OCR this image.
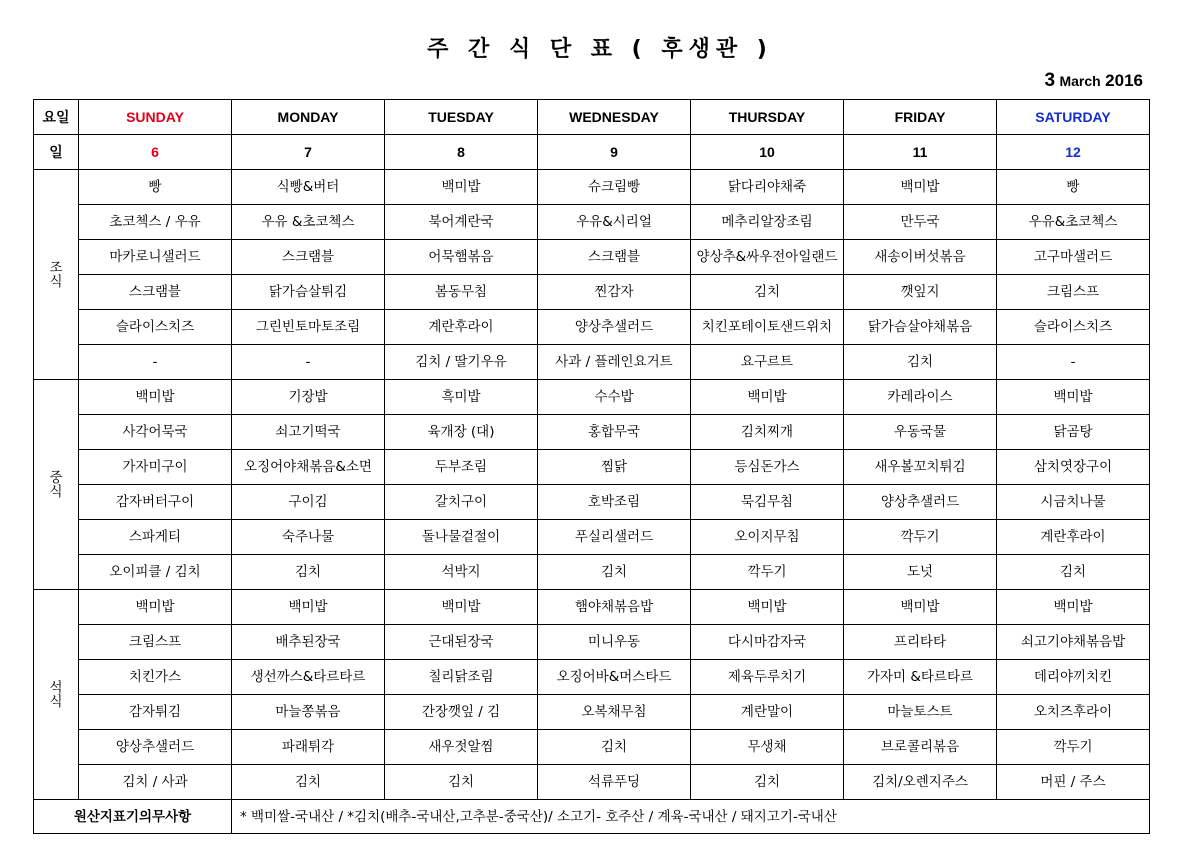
주 간 식 단 표 ( 후생관 )
3 March 2016
요일	SUNDAY	MONDAY	TUESDAY	WEDNESDAY	THURSDAY	FRIDAY	SATURDAY
일	6	7	8	9	10	11	12

조
식	빵	식빵&버터	백미밥	슈크림빵	닭다리야채죽	백미밥	빵
	초코첵스 / 우유	우유 &초코첵스	북어계란국	우유&시리얼	메추리알장조림	만두국	우유&초코첵스
	마카로니샐러드	스크램블	어묵햄볶음	스크램블	양상추&싸우전아일랜드	새송이버섯볶음	고구마샐러드
	스크램블	닭가슴살튀김	봄동무침	찐감자	김치	깻잎지	크림스프
	슬라이스치즈	그린빈토마토조림	계란후라이	양상추샐러드	치킨포테이토샌드위치	닭가슴살야채볶음	슬라이스치즈
	-	-	김치 / 딸기우유	사과 / 플레인요거트	요구르트	김치	-

중
식	백미밥	기장밥	흑미밥	수수밥	백미밥	카레라이스	백미밥
	사각어묵국	쇠고기떡국	육개장 (대)	홍합무국	김치찌개	우동국물	닭곰탕
	가자미구이	오징어야채볶음&소면	두부조림	찜닭	등심돈가스	새우볼꼬치튀김	삼치엿장구이
	감자버터구이	구이김	갈치구이	호박조림	묵김무침	양상추샐러드	시금치나물
	스파게티	숙주나물	돌나물겉절이	푸실리샐러드	오이지무침	깍두기	계란후라이
	오이피클 / 김치	김치	석박지	김치	깍두기	도넛	김치

석
식	백미밥	백미밥	백미밥	햄야채볶음밥	백미밥	백미밥	백미밥
	크림스프	배추된장국	근대된장국	미니우동	다시마감자국	프리타타	쇠고기야채볶음밥
	치킨가스	생선까스&타르타르	칠리닭조림	오징어바&머스타드	제육두루치기	가자미 &타르타르	데리야끼치킨
	감자튀김	마늘쫑볶음	간장깻잎 / 김	오복채무침	계란말이	마늘토스트	오치즈후라이
	양상추샐러드	파래튀각	새우젓알찜	김치	무생채	브로콜리볶음	깍두기
	김치 / 사과	김치	김치	석류푸딩	김치	김치/오렌지주스	머핀 / 주스
원산지표기의무사항		* 백미쌀-국내산 / *김치(배추-국내산,고추분-중국산)/ 소고기- 호주산 / 계육-국내산 / 돼지고기-국내산					
